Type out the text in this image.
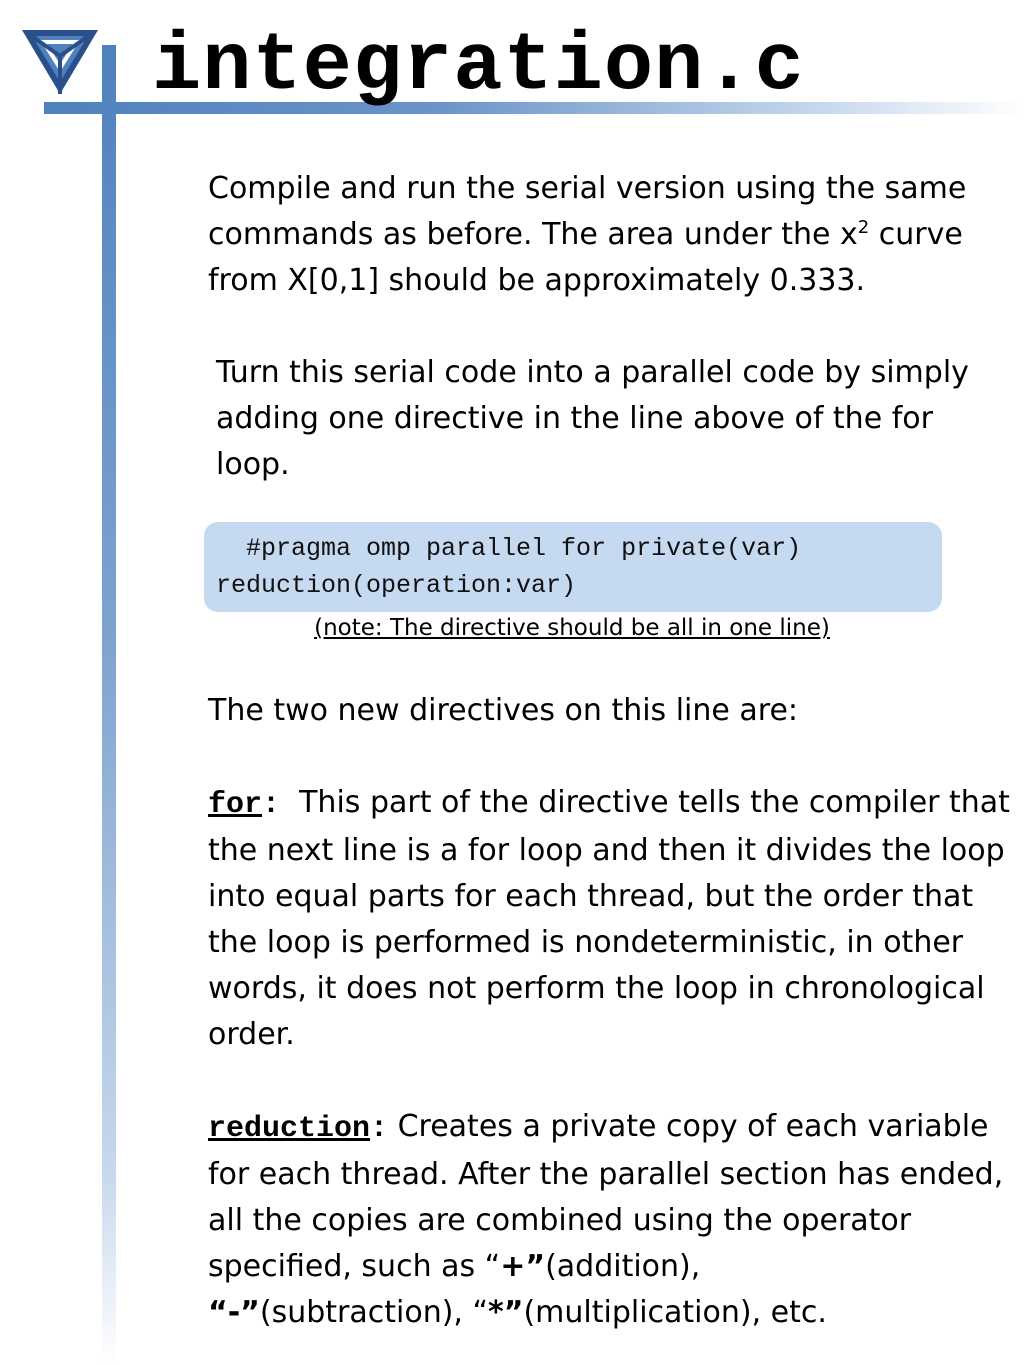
integration.c

Compile and run the serial version using the same commands as before. The area under the $x^2$ curve from X[0,1] should be approximately 0.333.

Turn this serial code into a parallel code by simply adding one directive in the line above of the for loop.

#pragma omp parallel for private(var)
reduction(operation:var)

(note: The directive should be all in one line)

The two new directives on this line are:

for: This part of the directive tells the compiler that the next line is a for loop and then it divides the loop into equal parts for each thread, but the order that the loop is performed is nondeterministic, in other words, it does not perform the loop in chronological order.

reduction: Creates a private copy of each variable for each thread. After the parallel section has ended, all the copies are combined using the operator specified, such as “+”(addition),
“-”(subtraction), “*”(multiplication), etc.
